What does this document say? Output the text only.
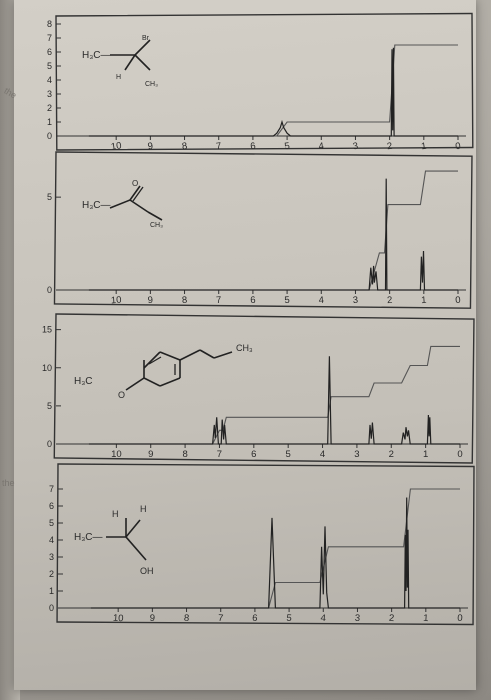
the
the
0
1
2
3
4
5
6
7
8
10	9	8	7	6	5	4	3	2	1	0
H₃C—
Br
H
CH₃
0
5
10	9	8	7	6	5	4	3	2	1	0
H₃C—
O
CH₃
0
5
10
15
10	9	8	7	6	5	4	3	2	1	0
H₃C
O
CH₃
0
1
2
3
4
5
6
7
10	9	8	7	6	5	4	3	2	1	0
H H
H₃C—
OH
